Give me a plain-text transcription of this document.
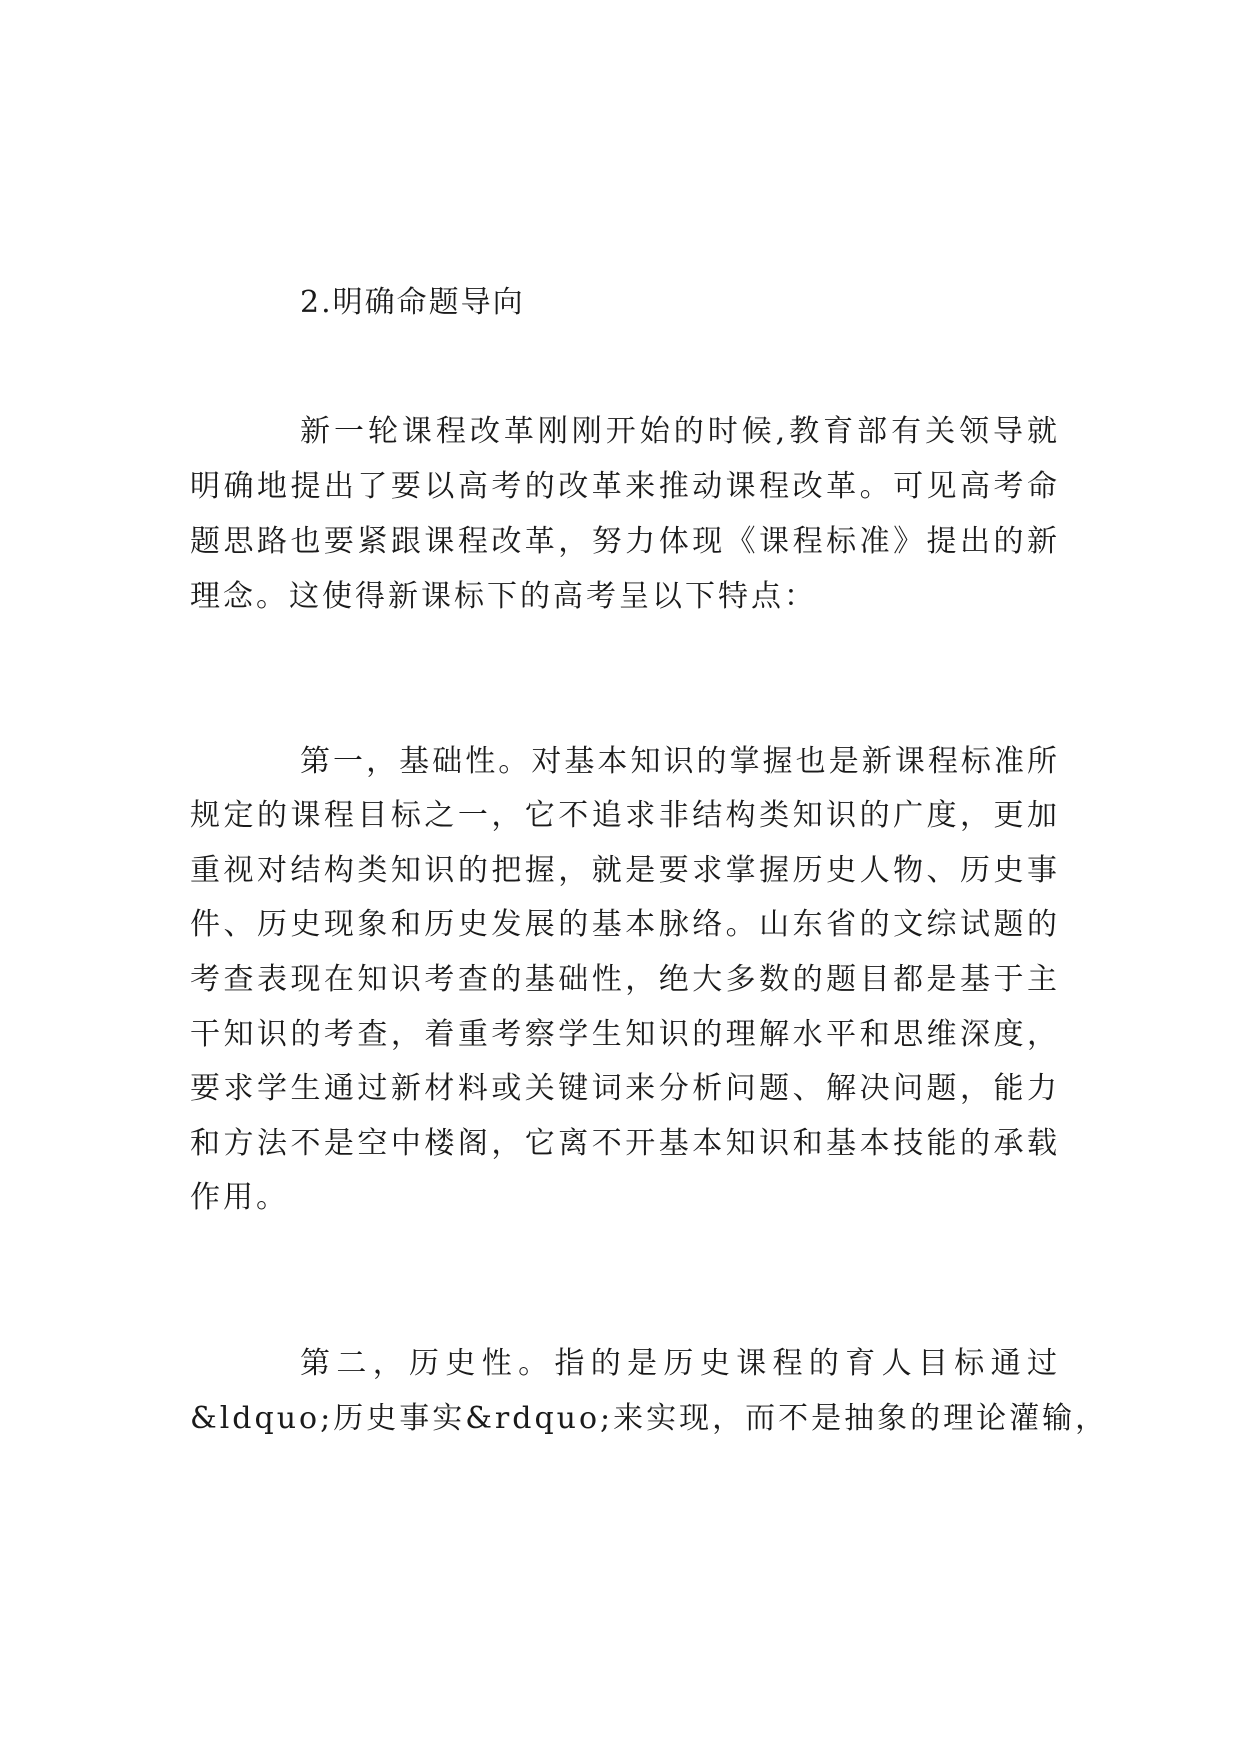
2.明确命题导向
新一轮课程改革刚刚开始的时候,教育部有关领导就
明确地提出了要以高考的改革来推动课程改革。可见高考命
题思路也要紧跟课程改革，努力体现《课程标准》提出的新
理念。这使得新课标下的高考呈以下特点：
第一，基础性。对基本知识的掌握也是新课程标准所
规定的课程目标之一，它不追求非结构类知识的广度，更加
重视对结构类知识的把握，就是要求掌握历史人物、历史事
件、历史现象和历史发展的基本脉络。山东省的文综试题的
考查表现在知识考查的基础性，绝大多数的题目都是基于主
干知识的考查，着重考察学生知识的理解水平和思维深度，
要求学生通过新材料或关键词来分析问题、解决问题，能力
和方法不是空中楼阁，它离不开基本知识和基本技能的承载
作用。
第二，历史性。指的是历史课程的育人目标通过
&ldquo;历史事实&rdquo;来实现，而不是抽象的理论灌输，
